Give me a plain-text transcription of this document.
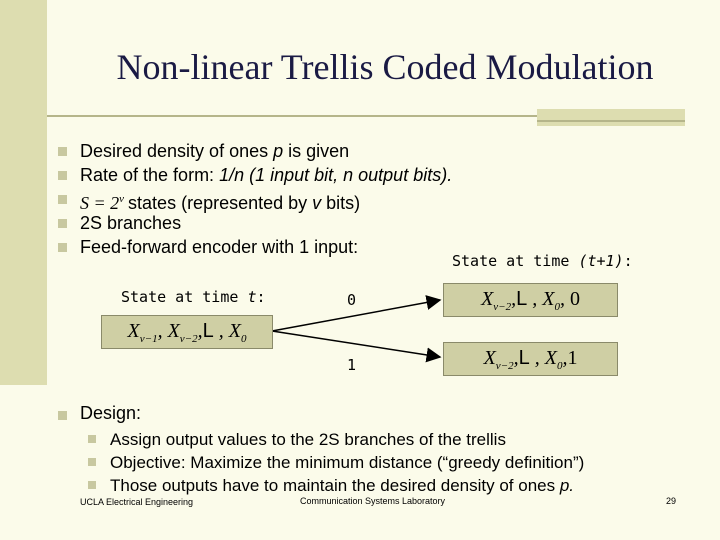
Non-linear Trellis Coded Modulation
Desired density of ones p is given
Rate of the form: 1/n (1 input bit, n output bits).
$S = 2^v$ states (represented by v bits)
2S branches
Feed-forward encoder with 1 input:
State at time (t+1):
State at time t:	0
1
$X_{v-1}$, $X_{v-2},L$ , $X_0$
$X_{v-2},L$ , $X_0$, 0
$X_{v-2},L$ , $X_0,1$
Design:
Assign output values to the 2S branches of the trellis
Objective: Maximize the minimum distance (“greedy definition”)
Those outputs have to maintain the desired density of ones p.
UCLA Electrical Engineering	Communication Systems Laboratory	29
